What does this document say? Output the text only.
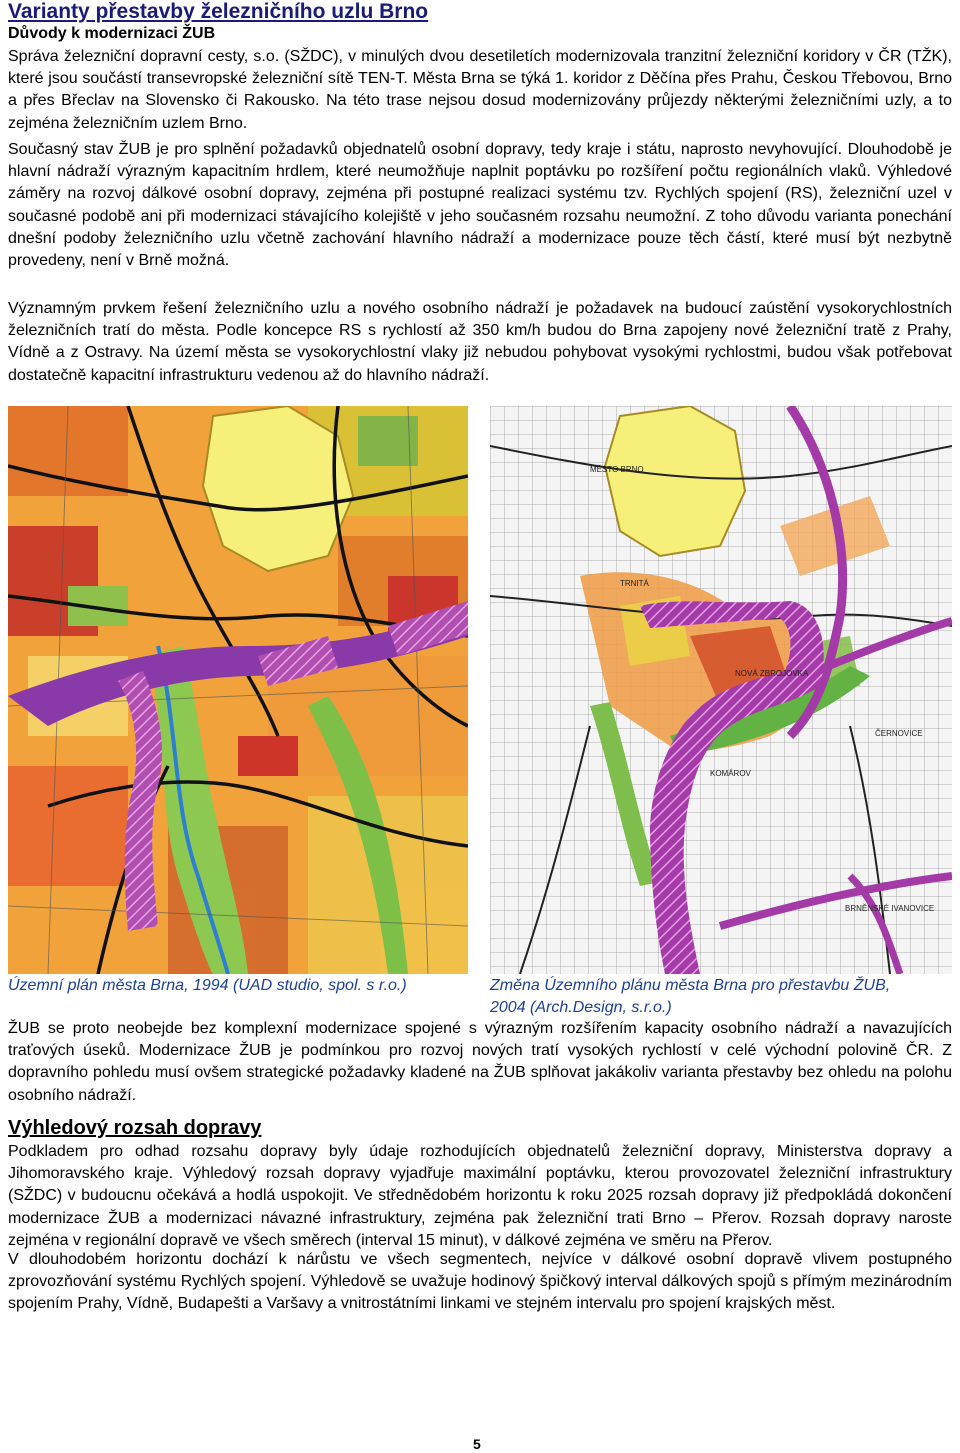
Varianty přestavby železničního uzlu Brno
Důvody k modernizaci ŽUB
Správa železniční dopravní cesty, s.o. (SŽDC), v minulých dvou desetiletích modernizovala tranzitní železniční koridory v ČR (TŽK), které jsou součástí transevropské železniční sítě TEN-T. Města Brna se týká 1. koridor z Děčína přes Prahu, Českou Třebovou, Brno a přes Břeclav na Slovensko či Rakousko. Na této trase nejsou dosud modernizovány průjezdy některými železničními uzly, a to zejména železničním uzlem Brno.
Současný stav ŽUB je pro splnění požadavků objednatelů osobní dopravy, tedy kraje i státu, naprosto nevyhovující. Dlouhodobě je hlavní nádraží výrazným kapacitním hrdlem, které neumožňuje naplnit poptávku po rozšíření počtu regionálních vlaků. Výhledové záměry na rozvoj dálkové osobní dopravy, zejména při postupné realizaci systému tzv. Rychlých spojení (RS), železniční uzel v současné podobě ani při modernizaci stávajícího kolejiště v jeho současném rozsahu neumožní. Z toho důvodu varianta ponechání dnešní podoby železničního uzlu včetně zachování hlavního nádraží a modernizace pouze těch částí, které musí být nezbytně provedeny, není v Brně možná.
Významným prvkem řešení železničního uzlu a nového osobního nádraží je požadavek na budoucí zaústění vysokorychlostních železničních tratí do města. Podle koncepce RS s rychlostí až 350 km/h budou do Brna zapojeny nové železniční tratě z Prahy, Vídně a z Ostravy. Na území města se vysokorychlostní vlaky již nebudou pohybovat vysokými rychlostmi, budou však potřebovat dostatečně kapacitní infrastrukturu vedenou až do hlavního nádraží.
MĚSTO BRNO
TRNITÁ
NOVÁ ZBROJOVKA
KOMÁROV
ČERNOVICE
BRNĚNSKÉ IVANOVICE
Územní plán města Brna, 1994 (UAD studio, spol. s r.o.)	Změna Územního plánu města Brna pro přestavbu ŽUB, 2004 (Arch.Design, s.r.o.)
ŽUB se proto neobejde bez komplexní modernizace spojené s výrazným rozšířením kapacity osobního nádraží a navazujících traťových úseků. Modernizace ŽUB je podmínkou pro rozvoj nových tratí vysokých rychlostí v celé východní polovině ČR. Z dopravního pohledu musí ovšem strategické požadavky kladené na ŽUB splňovat jakákoliv varianta přestavby bez ohledu na polohu osobního nádraží.
Výhledový rozsah dopravy
Podkladem pro odhad rozsahu dopravy byly údaje rozhodujících objednatelů železniční dopravy, Ministerstva dopravy a Jihomoravského kraje. Výhledový rozsah dopravy vyjadřuje maximální poptávku, kterou provozovatel železniční infrastruktury (SŽDC) v budoucnu očekává a hodlá uspokojit. Ve střednědobém horizontu k roku 2025 rozsah dopravy již předpokládá dokončení modernizace ŽUB a modernizaci návazné infrastruktury, zejména pak železniční trati Brno – Přerov. Rozsah dopravy naroste zejména v regionální dopravě ve všech směrech (interval 15 minut), v dálkové zejména ve směru na Přerov.
V dlouhodobém horizontu dochází k nárůstu ve všech segmentech, nejvíce v dálkové osobní dopravě vlivem postupného zprovozňování systému Rychlých spojení. Výhledově se uvažuje hodinový špičkový interval dálkových spojů s přímým mezinárodním spojením Prahy, Vídně, Budapešti a Varšavy a vnitrostátními linkami ve stejném intervalu pro spojení krajských měst.
5
